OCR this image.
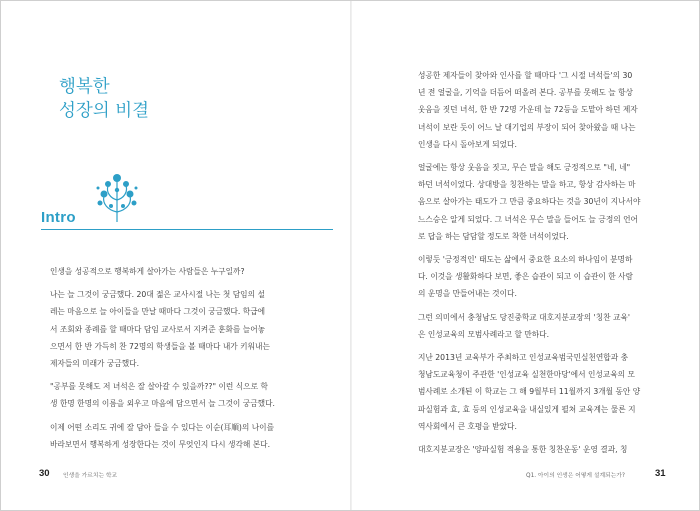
행복한
성장의 비결
Intro

인생을 성공적으로 행복하게 살아가는 사람들은 누구일까?

나는 늘 그것이 궁금했다. 20대 젊은 교사시절 나는 첫 담임의 설
레는 마음으로 늘 아이들을 만날 때마다 그것이 궁금했다. 학급에
서 조회와 종례를 할 때마다 담임 교사로서 지켜준 훈화를 늘어놓
으면서 한 반 가득히 찬 72명의 학생들을 볼 때마다 내가 키워내는
제자들의 미래가 궁금했다.

"공부를 못해도 저 녀석은 잘 살아갈 수 있을까??" 이런 식으로 학
생 한명 한명의 이름을 외우고 마음에 담으면서 늘 그것이 궁금했다.

이제 어떤 소리도 귀에 잘 담아 들을 수 있다는 이순(耳順)의 나이를
바라보면서 행복하게 성장한다는 것이 무엇인지 다시 생각해 본다.

성공한 제자들이 찾아와 인사를 할 때마다 '그 시절 녀석들'의 30
년 전 얼굴을, 기억을 더듬어 떠올려 본다. 공부를 못해도 늘 항상
웃음을 짓던 녀석, 한 반 72명 가운데 늘 72등을 도맡아 하던 제자
녀석이 보란 듯이 어느 날 대기업의 부장이 되어 찾아왔을 때 나는
인생을 다시 돌아보게 되었다.

얼굴에는 항상 웃음을 짓고, 무슨 말을 해도 긍정적으로 "네, 네"
하던 녀석이었다. 상대방을 칭찬하는 말을 하고, 항상 감사하는 마
음으로 살아가는 태도가 그 만큼 중요하다는 것을 30년이 지나서야
느스승은 알게 되었다. 그 녀석은 무슨 말을 들어도 늘 긍정의 언어
로 답을 하는 담담할 정도로 착한 녀석이었다.

이렇듯 '긍정적인' 태도는 삶에서 중요한 요소의 하나임이 분명하
다. 이것을 생활화하다 보면, 좋은 습관이 되고 이 습관이 한 사람
의 운명을 만들어내는 것이다.

그런 의미에서 충청남도 당진중학교 대호지분교장의 '칭찬 교육'
은 인성교육의 모범사례라고 할 만하다.

지난 2013년 교육부가 주최하고 인성교육범국민실천연합과 충
청남도교육청이 주관한 '인성교육 실천한마당'에서 인성교육의 모
범사례로 소개된 이 학교는 그 해 9월부터 11월까지 3개월 동안 양
파실험과 효, 효 등의 인성교육을 내실있게 펼쳐 교육계는 물론 지
역사회에서 큰 호평을 받았다.

대호지분교장은 '양파실험 적용을 통한 칭찬운동' 운영 결과, 칭

30 인생을 가르치는 학교	Q1. 아이의 인생은 어떻게 설계되는가?	31
